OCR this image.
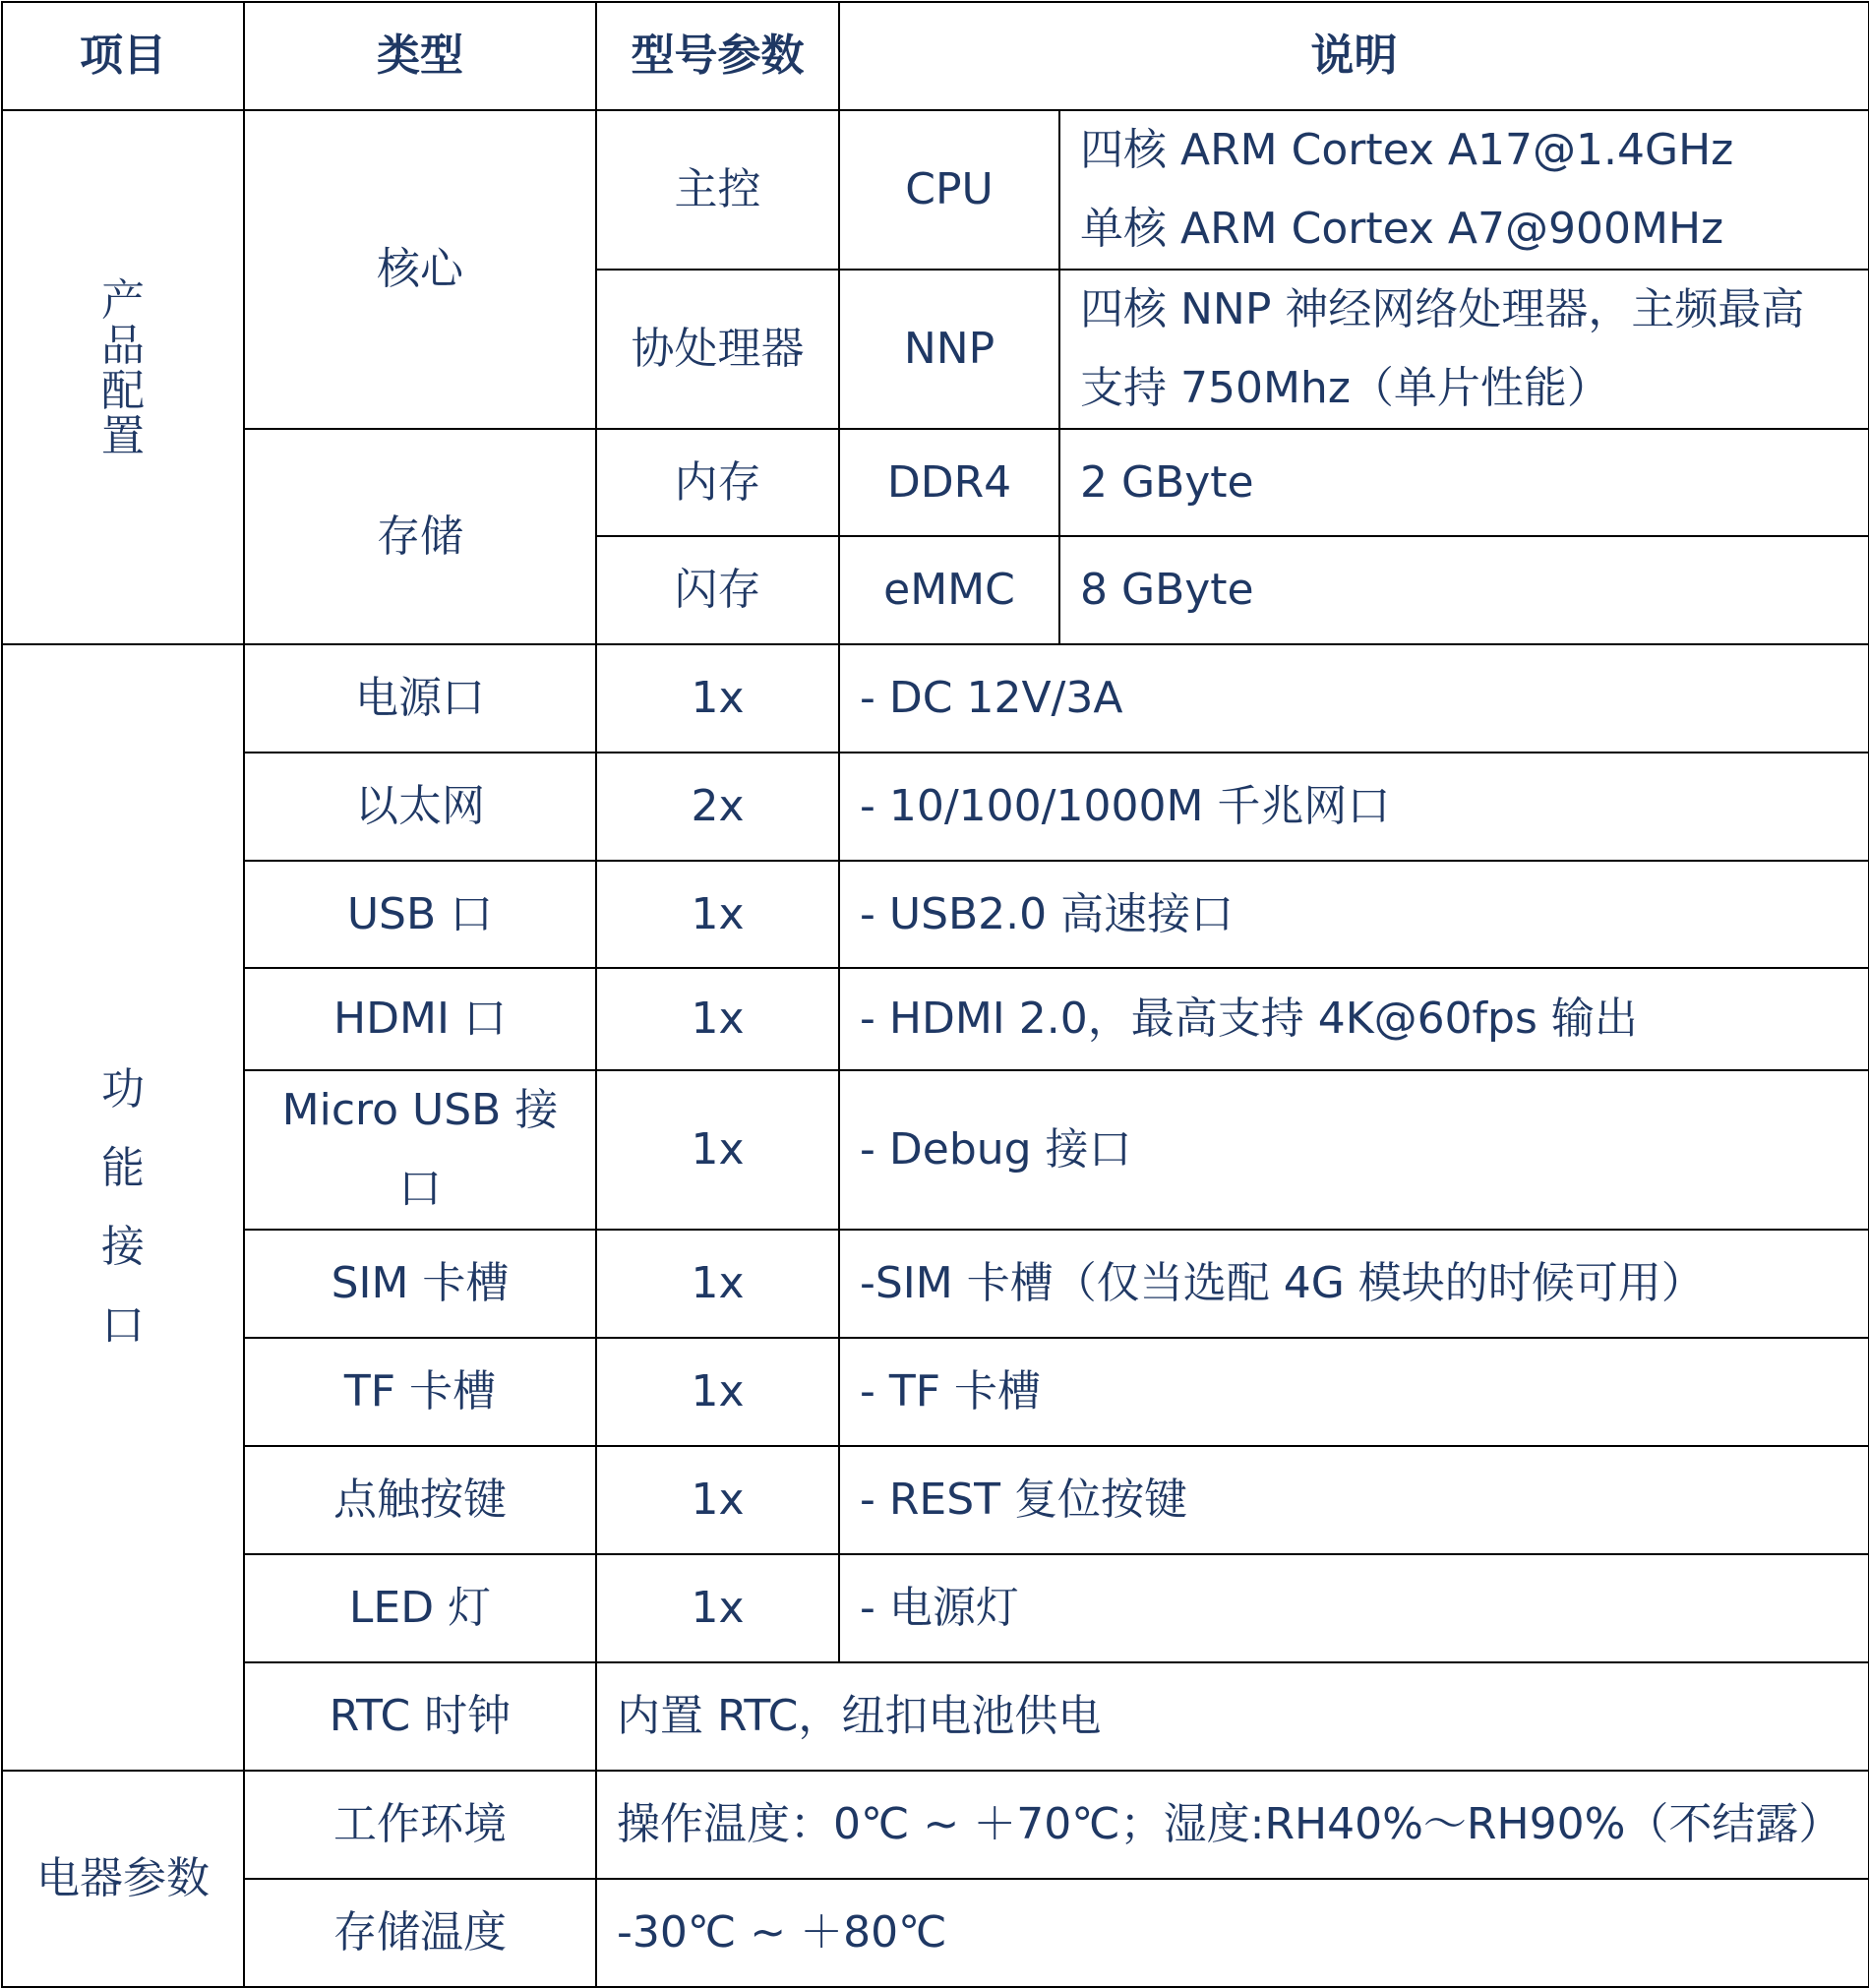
项目	类型	型号参数	说明	
产品配置	核心	主控	CPU	四核 ARM Cortex A17@1.4GHz
单核 ARM Cortex A7@900MHz

		协处理器	NNP	四核 NNP 神经网络处理器，主频最高
支持 750Mhz（单片性能）

	存储	内存	DDR4	2 GByte
		闪存	eMMC	8 GByte
功能接口	电源口	1x	- DC 12V/3A	
	以太网	2x	- 10/100/1000M 千兆网口	
	USB 口	1x	- USB2.0 高速接口	
	HDMI 口	1x	- HDMI 2.0，最高支持 4K@60fps 输出	
	Micro USB 接口	1x	- Debug 接口	
	SIM 卡槽	1x	-SIM 卡槽（仅当选配 4G 模块的时候可用）	
	TF 卡槽	1x	- TF 卡槽	
	点触按键	1x	- REST 复位按键	
	LED 灯	1x	- 电源灯	
	RTC 时钟	内置 RTC，纽扣电池供电		
电器参数	工作环境	操作温度：0℃ ~ ＋70℃；湿度:RH40%～RH90%（不结露）		
	存储温度	-30℃ ~ ＋80℃		
